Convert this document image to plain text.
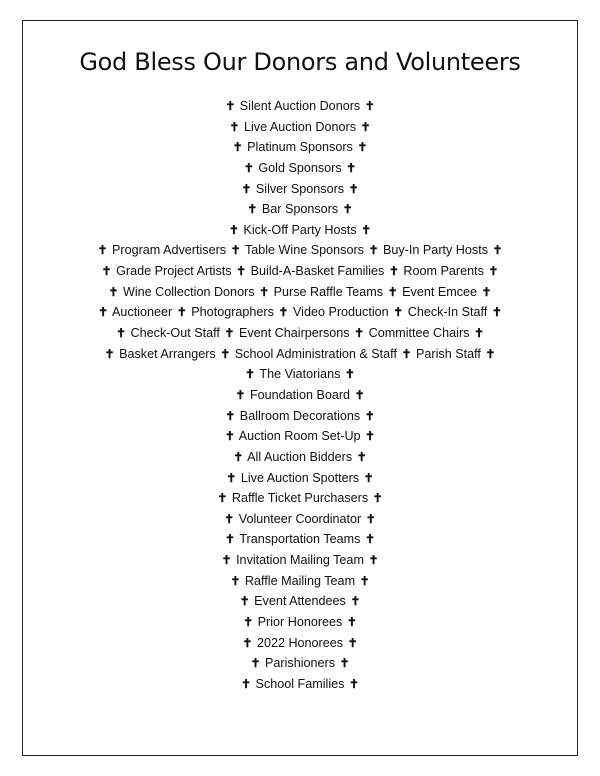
God Bless Our Donors and Volunteers
✝ Silent Auction Donors ✝
✝ Live Auction Donors ✝
✝ Platinum Sponsors ✝
✝ Gold Sponsors ✝
✝ Silver Sponsors ✝
✝ Bar Sponsors ✝
✝ Kick-Off Party Hosts ✝
✝ Program Advertisers ✝ Table Wine Sponsors ✝ Buy-In Party Hosts ✝
✝ Grade Project Artists ✝ Build-A-Basket Families ✝ Room Parents ✝
✝ Wine Collection Donors ✝ Purse Raffle Teams ✝ Event Emcee ✝
✝ Auctioneer ✝ Photographers ✝ Video Production ✝ Check-In Staff ✝
✝ Check-Out Staff ✝ Event Chairpersons ✝ Committee Chairs ✝
✝ Basket Arrangers ✝ School Administration & Staff ✝ Parish Staff ✝
✝ The Viatorians ✝
✝ Foundation Board ✝
✝ Ballroom Decorations ✝
✝ Auction Room Set-Up ✝
✝ All Auction Bidders ✝
✝ Live Auction Spotters ✝
✝ Raffle Ticket Purchasers ✝
✝ Volunteer Coordinator ✝
✝ Transportation Teams ✝
✝ Invitation Mailing Team ✝
✝ Raffle Mailing Team ✝
✝ Event Attendees ✝
✝ Prior Honorees ✝
✝ 2022 Honorees ✝
✝ Parishioners ✝
✝ School Families ✝
